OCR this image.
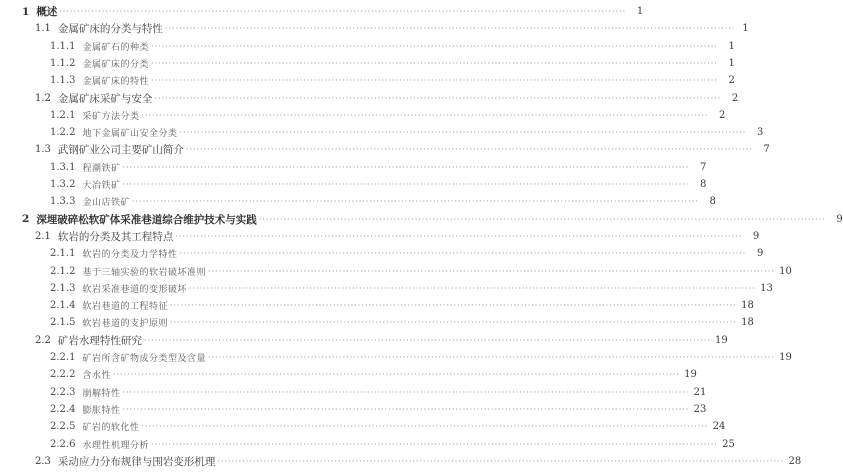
1 概述 ································································································································································	1
1.1 金属矿床的分类与特性 ································································································································································	1
1.1.1 金属矿石的种类 ································································································································································	1
1.1.2 金属矿床的分类 ································································································································································	1
1.1.3 金属矿床的特性 ································································································································································	2
1.2 金属矿床采矿与安全 ································································································································································	2
1.2.1 采矿方法分类 ································································································································································	2
1.2.2 地下金属矿山安全分类 ································································································································································	3
1.3 武钢矿业公司主要矿山简介 ································································································································································	7
1.3.1 程潮铁矿 ································································································································································	7
1.3.2 大冶铁矿 ································································································································································	8
1.3.3 金山店铁矿 ································································································································································	8
2 深埋破碎松软矿体采准巷道综合维护技术与实践 ································································································································································	9
2.1 软岩的分类及其工程特点 ································································································································································	9
2.1.1 软岩的分类及力学特性 ································································································································································	9
2.1.2 基于三轴实验的软岩破坏准则 ································································································································································ 10
2.1.3 软岩采准巷道的变形破坏 ································································································································································ 13
2.1.4 软岩巷道的工程特征 ································································································································································ 18
2.1.5 软岩巷道的支护原则 ································································································································································ 18
2.2 矿岩水理特性研究 ································································································································································ 19
2.2.1 矿岩所含矿物成分类型及含量 ································································································································································ 19
2.2.2 含水性 ································································································································································ 19
2.2.3 崩解特性 ································································································································································ 21
2.2.4 膨胀特性 ································································································································································ 23
2.2.5 矿岩的软化性 ································································································································································ 24
2.2.6 水理性机理分析 ································································································································································ 25
2.3 采动应力分布规律与围岩变形机理 ································································································································································ 28
